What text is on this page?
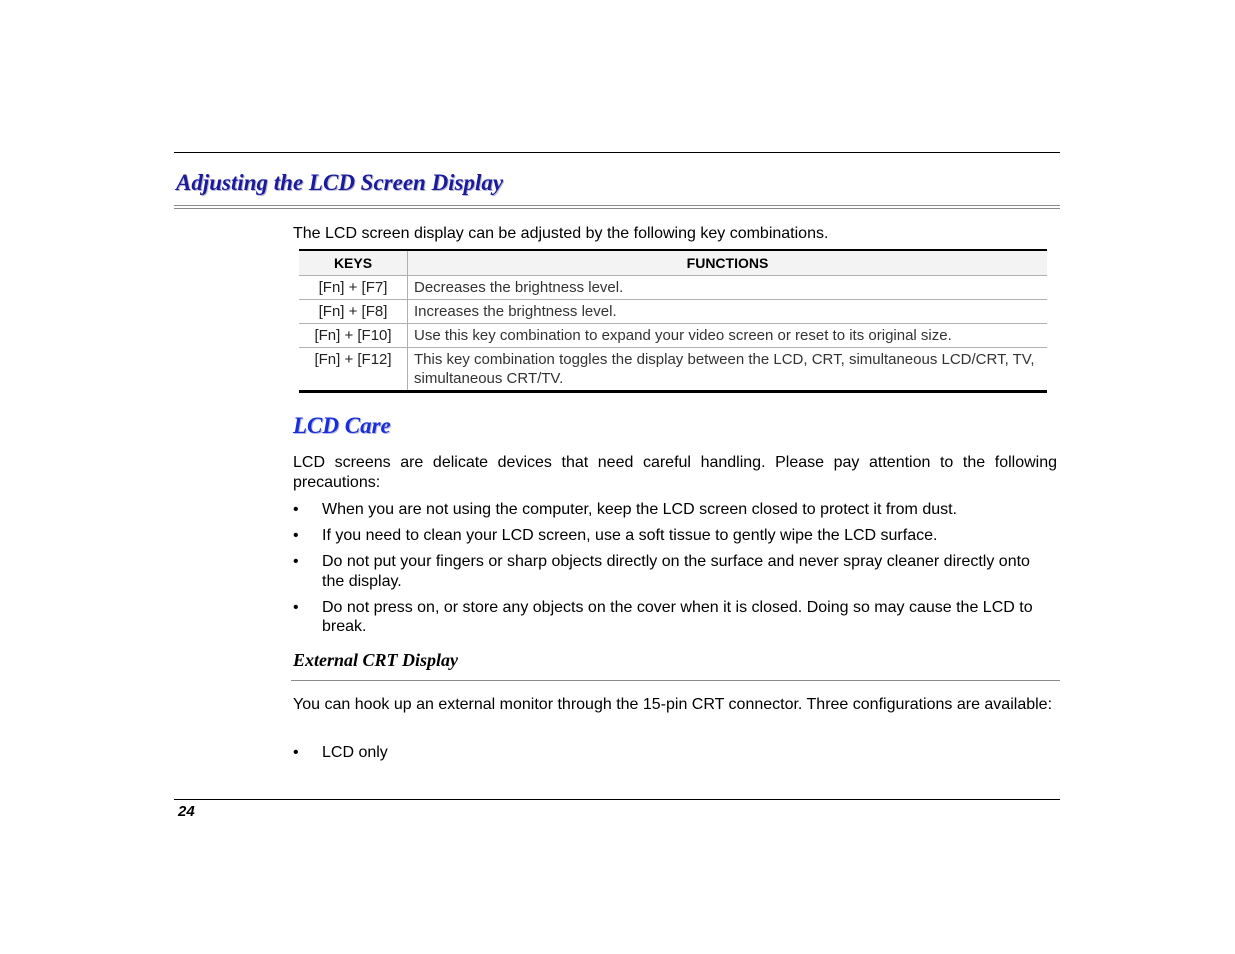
Adjusting the LCD Screen Display

The LCD screen display can be adjusted by the following key combinations.

KEYS	FUNCTIONS
[Fn] + [F7]	Decreases the brightness level.
[Fn] + [F8]	Increases the brightness level.
[Fn] + [F10]	Use this key combination to expand your video screen or reset to its original size.
[Fn] + [F12]	This key combination toggles the display between the LCD, CRT, simultaneous LCD/CRT, TV, simultaneous CRT/TV.
LCD Care

LCD screens are delicate devices that need careful handling. Please pay attention to the following precautions:

• When you are not using the computer, keep the LCD screen closed to protect it from dust.
• If you need to clean your LCD screen, use a soft tissue to gently wipe the LCD surface.
• Do not put your fingers or sharp objects directly on the surface and never spray cleaner directly onto the display.
• Do not press on, or store any objects on the cover when it is closed. Doing so may cause the LCD to break.
External CRT Display

You can hook up an external monitor through the 15-pin CRT connector. Three configurations are available:

• LCD only

24
